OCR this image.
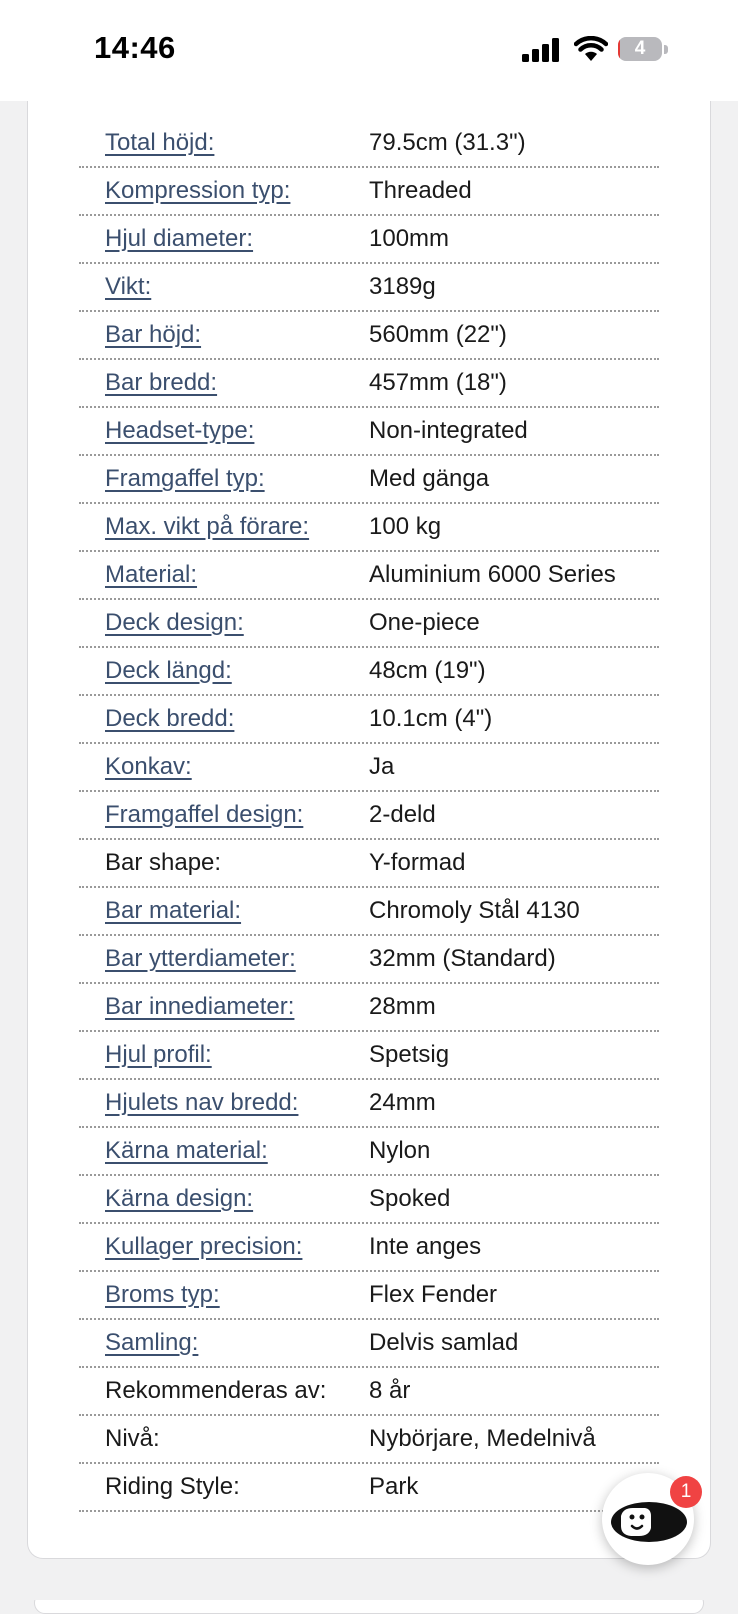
14:46	4
Total höjd:	79.5cm (31.3")
Kompression typ:	Threaded
Hjul diameter:	100mm
Vikt:	3189g
Bar höjd:	560mm (22")
Bar bredd:	457mm (18")
Headset-type:	Non-integrated
Framgaffel typ:	Med gänga
Max. vikt på förare:	100 kg
Material:	Aluminium 6000 Series
Deck design:	One-piece
Deck längd:	48cm (19")
Deck bredd:	10.1cm (4")
Konkav:	Ja
Framgaffel design:	2-deld
Bar shape:	Y-formad
Bar material:	Chromoly Stål 4130
Bar ytterdiameter:	32mm (Standard)
Bar innediameter:	28mm
Hjul profil:	Spetsig
Hjulets nav bredd:	24mm
Kärna material:	Nylon
Kärna design:	Spoked
Kullager precision:	Inte anges
Broms typ:	Flex Fender
Samling:	Delvis samlad
Rekommenderas av:	8 år
Nivå:	Nybörjare, Medelnivå
Riding Style:	Park	1
